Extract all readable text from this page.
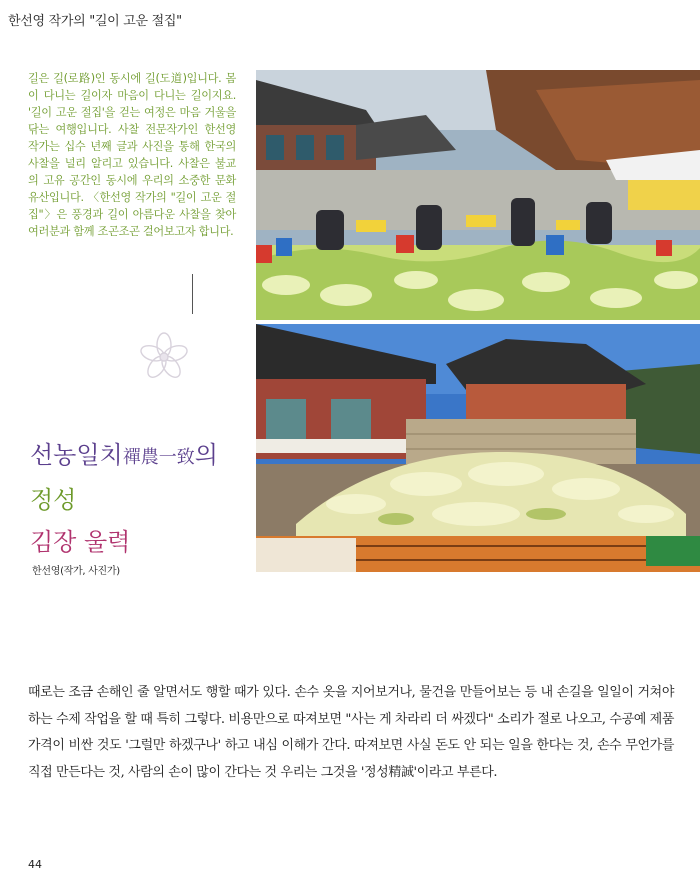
한선영 작가의 "길이 고운 절집"
길은 길(로路)인 동시에 길(도道)입니다. 몸이 다니는 길이자 마음이 다니는 길이지요. '길이 고운 절집'을 걷는 여정은 마음 거울을 닦는 여행입니다. 사찰 전문작가인 한선영 작가는 십수 년째 글과 사진을 통해 한국의 사찰을 널리 알리고 있습니다. 사찰은 불교의 고유 공간인 동시에 우리의 소중한 문화유산입니다. 〈한선영 작가의 "길이 고운 절집"〉은 풍경과 길이 아름다운 사찰을 찾아 여러분과 함께 조곤조곤 걸어보고자 합니다.
선농일치禪農一致의
정성
김장 울력
한선영(작가, 사진가)
때로는 조금 손해인 줄 알면서도 행할 때가 있다. 손수 옷을 지어보거나, 물건을 만들어보는 등 내 손길을 일일이 거쳐야 하는 수제 작업을 할 때 특히 그렇다. 비용만으로 따져보면 "사는 게 차라리 더 싸겠다" 소리가 절로 나오고, 수공예 제품 가격이 비싼 것도 '그럴만 하겠구나' 하고 내심 이해가 간다. 따져보면 사실 돈도 안 되는 일을 한다는 것, 손수 무언가를 직접 만든다는 것, 사람의 손이 많이 간다는 것 우리는 그것을 '정성精誠'이라고 부른다.
44
